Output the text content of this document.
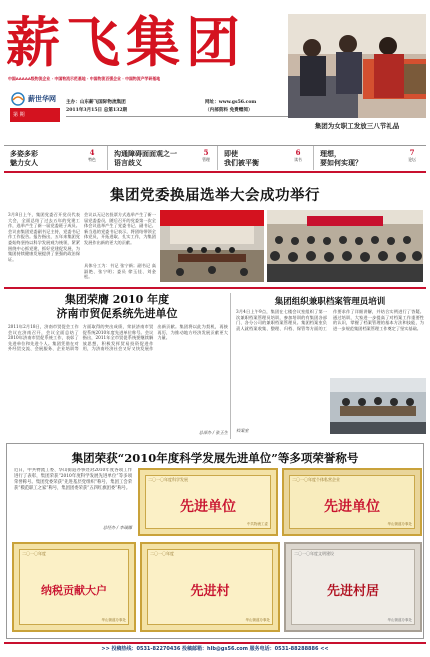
薪飞集团
中国AAAAA级物流企业 · 中国物流示范基地 · 中国物流百强企业 · 中国物流产学研基地
薪世华网
第 期
主办：山东薪飞国际物流集团
2011年3月15日 总第132期
网址：www.gs56.com
（内部资料 免费赠阅）
集团为女职工发放三八节礼品
多姿多彩
魅力女人
4
特色
沟通障碍面面观之一
语言歧义
5
管理
即使
我们被平衡
6
读书
理想，
要如何实现？
7
论坛
集团党委换届选举大会成功举行
3月8日上午，集团党委召开党员代表大会，全面总结了过去五年的党建工作，选举产生了新一届党委班子成员。会议由集团党委副书记主持，党委书记作工作报告。报告指出，五年来集团党委始终坚持以科学发展观为统领，紧紧围绕中心抓党建，抓好党建促发展，为集团持续健康发展提供了坚强的政治保证。
会议以无记名投票方式选举产生了新一届党委委员，随后召开的党委第一次全体会议选举产生了党委书记、副书记。新当选的党委书记表示，将团结带领全体党员，开拓进取、扎实工作，为集团发展作出新的更大的贡献。
具体分工为：书记 张宁新；副书记 高淑艳、张宁明；委员 徐玉佳、刘金松。
集团荣膺 2010 年度
济南市贸促系统先进单位
2011年2月18日，济南市贸促会工作会议在济南召开，会议全面总结了2010年济南市贸促系统工作，表彰了先进单位和先进个人。集团凭借在对外经贸交流、会展服务、企业培训等方面取得的突出成绩，荣获济南市贸促系统2010年度先进单位称号。会议指出，2011年全市贸促系统要继续解放思想，积极发挥贸易投资促进作用，为济南经济社会又好又快发展作出新贡献。集团将以此为契机，再接再厉，为推动地方经济发展贡献更大力量。
总部办 / 张玉生
集团组织兼职档案管理员培训
3月4日上午9点，集团在七楼会议室组织了第一次兼职档案管理员培训，参加培训的有集团各部门、各分公司的兼职档案管理员。集团档案室负责人就档案收集、整理、归档、保管等方面的工作要求作了详细讲解，并结合实例进行了答疑。通过培训，大家进一步提高了对档案工作重要性的认识，掌握了档案管理的基本方法和技能，为进一步规范集团档案管理工作奠定了坚实基础。
档案室
集团荣获“2010年度科学发展先进单位”等多项荣誉称号
近日，中共物流工委、华山街道办事处对2010年度各项工作进行了表彰，集团荣获“2010年度科学发展先进单位”等多项荣誉称号。集团党委荣获“先进基层党组织”称号，集团工会荣获“模范职工之家”称号，集团团委荣获“五四红旗团委”称号。
总经办 / 李瑞娜
二〇一〇年度科学发展
先进单位
中共物流工委
二〇一〇年度个体私营企业
先进单位
华山街道办事处
二〇一〇年度
纳税贡献大户
华山街道办事处
二〇一〇年度
先进村
华山街道办事处
二〇一〇年度文明建设
先进村居
华山街道办事处
>> 投稿热线：0531-82270436 投稿邮箱：hlb@gs56.com 服务电话：0531-88288886 <<
